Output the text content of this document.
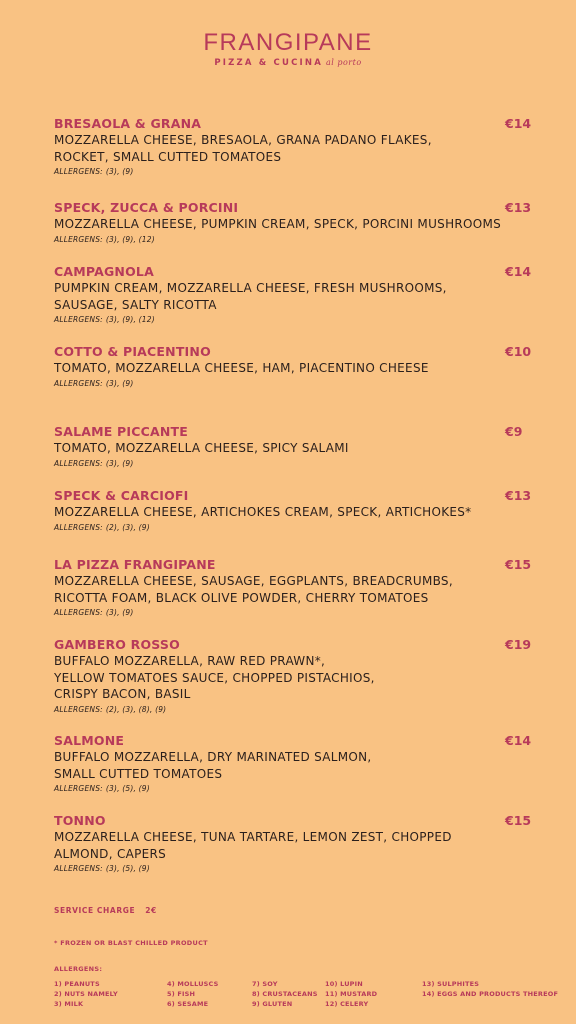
FRANGIPANE
PIZZA & CUCINA al porto
BRESAOLA & GRANA	€14
MOZZARELLA CHEESE, BRESAOLA, GRANA PADANO FLAKES,
ROCKET, SMALL CUTTED TOMATOES
ALLERGENS: (3), (9)
SPECK, ZUCCA & PORCINI	€13
MOZZARELLA CHEESE, PUMPKIN CREAM, SPECK, PORCINI MUSHROOMS
ALLERGENS: (3), (9), (12)
CAMPAGNOLA	€14
PUMPKIN CREAM, MOZZARELLA CHEESE, FRESH MUSHROOMS,
SAUSAGE, SALTY RICOTTA
ALLERGENS: (3), (9), (12)
COTTO & PIACENTINO	€10
TOMATO, MOZZARELLA CHEESE, HAM, PIACENTINO CHEESE
ALLERGENS: (3), (9)
SALAME PICCANTE	€9
TOMATO, MOZZARELLA CHEESE, SPICY SALAMI
ALLERGENS: (3), (9)
SPECK & CARCIOFI	€13
MOZZARELLA CHEESE, ARTICHOKES CREAM, SPECK, ARTICHOKES*
ALLERGENS: (2), (3), (9)
LA PIZZA FRANGIPANE	€15
MOZZARELLA CHEESE, SAUSAGE, EGGPLANTS, BREADCRUMBS,
RICOTTA FOAM, BLACK OLIVE POWDER, CHERRY TOMATOES
ALLERGENS: (3), (9)
GAMBERO ROSSO	€19
BUFFALO MOZZARELLA, RAW RED PRAWN*,
YELLOW TOMATOES SAUCE, CHOPPED PISTACHIOS,
CRISPY BACON, BASIL
ALLERGENS: (2), (3), (8), (9)
SALMONE	€14
BUFFALO MOZZARELLA, DRY MARINATED SALMON,
SMALL CUTTED TOMATOES
ALLERGENS: (3), (5), (9)
TONNO	€15
MOZZARELLA CHEESE, TUNA TARTARE, LEMON ZEST, CHOPPED
ALMOND, CAPERS
ALLERGENS: (3), (5), (9)
SERVICE CHARGE 2€
* FROZEN OR BLAST CHILLED PRODUCT
ALLERGENS:
1) PEANUTS
2) NUTS NAMELY
3) MILK
4) MOLLUSCS
5) FISH
6) SESAME
7) SOY
8) CRUSTACEANS
9) GLUTEN
10) LUPIN
11) MUSTARD
12) CELERY
13) SULPHITES
14) EGGS AND PRODUCTS THEREOF
